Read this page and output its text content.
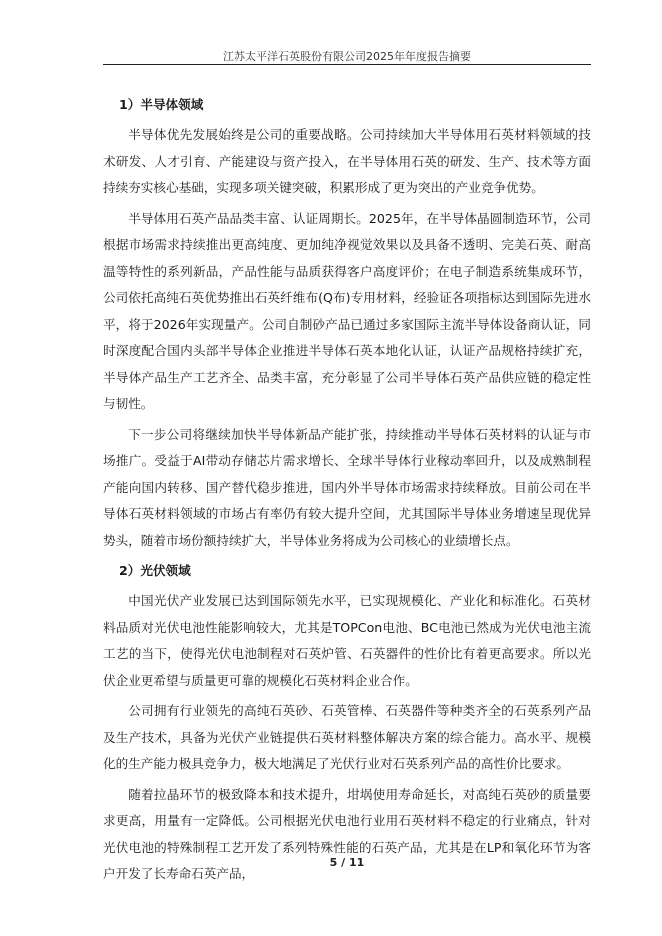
江苏太平洋石英股份有限公司2025年年度报告摘要
1）半导体领域

半导体优先发展始终是公司的重要战略。公司持续加大半导体用石英材料领域的技术研发、人才引育、产能建设与资产投入，在半导体用石英的研发、生产、技术等方面持续夯实核心基础，实现多项关键突破，积累形成了更为突出的产业竞争优势。

半导体用石英产品品类丰富、认证周期长。2025年，在半导体晶圆制造环节，公司根据市场需求持续推出更高纯度、更加纯净视觉效果以及具备不透明、完美石英、耐高温等特性的系列新品，产品性能与品质获得客户高度评价；在电子制造系统集成环节，公司依托高纯石英优势推出石英纤维布(Q布)专用材料，经验证各项指标达到国际先进水平，将于2026年实现量产。公司自制砂产品已通过多家国际主流半导体设备商认证，同时深度配合国内头部半导体企业推进半导体石英本地化认证，认证产品规格持续扩充，半导体产品生产工艺齐全、品类丰富，充分彰显了公司半导体石英产品供应链的稳定性与韧性。

下一步公司将继续加快半导体新品产能扩张，持续推动半导体石英材料的认证与市场推广。受益于AI带动存储芯片需求增长、全球半导体行业稼动率回升，以及成熟制程产能向国内转移、国产替代稳步推进，国内外半导体市场需求持续释放。目前公司在半导体石英材料领域的市场占有率仍有较大提升空间，尤其国际半导体业务增速呈现优异势头，随着市场份额持续扩大，半导体业务将成为公司核心的业绩增长点。

2）光伏领域

中国光伏产业发展已达到国际领先水平，已实现规模化、产业化和标准化。石英材料品质对光伏电池性能影响较大，尤其是TOPCon电池、BC电池已然成为光伏电池主流工艺的当下，使得光伏电池制程对石英炉管、石英器件的性价比有着更高要求。所以光伏企业更希望与质量更可靠的规模化石英材料企业合作。

公司拥有行业领先的高纯石英砂、石英管棒、石英器件等种类齐全的石英系列产品及生产技术，具备为光伏产业链提供石英材料整体解决方案的综合能力。高水平、规模化的生产能力极具竞争力，极大地满足了光伏行业对石英系列产品的高性价比要求。

随着拉晶环节的极致降本和技术提升，坩埚使用寿命延长，对高纯石英砂的质量要求更高，用量有一定降低。公司根据光伏电池行业用石英材料不稳定的行业痛点，针对光伏电池的特殊制程工艺开发了系列特殊性能的石英产品，尤其是在LP和氧化环节为客户开发了长寿命石英产品，

5 / 11
